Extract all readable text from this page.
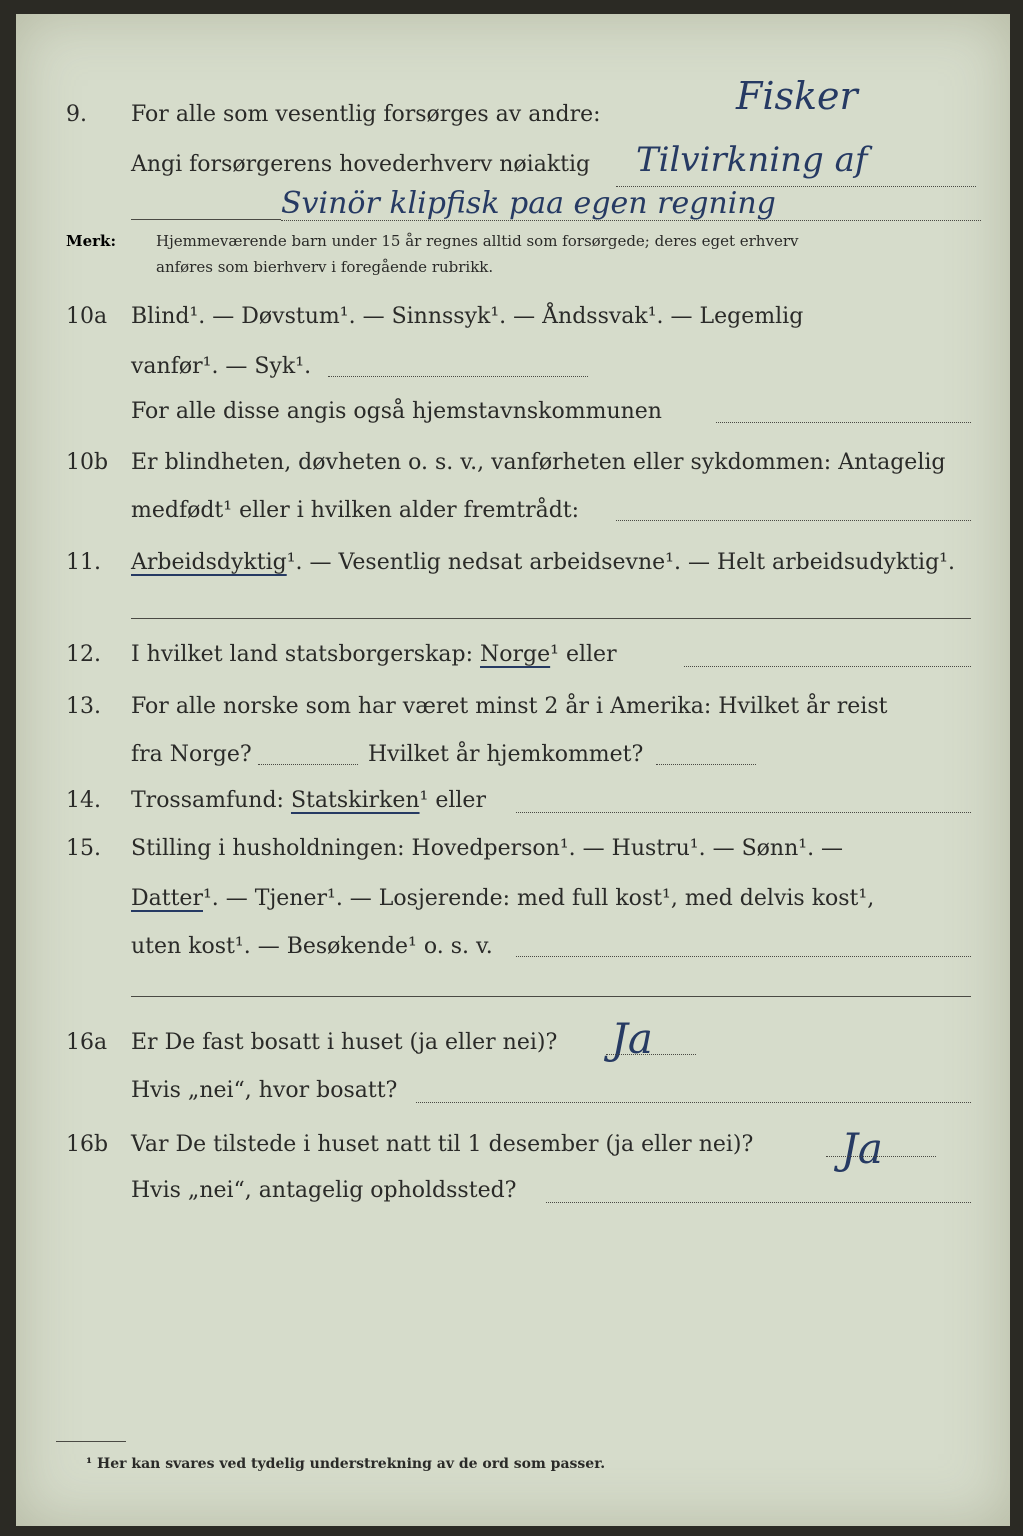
Fisker
9. For alle som vesentlig forsørges av andre:
Angi forsørgerens hovederhverv nøiaktig Tilvirkning af
Svinör klipfisk paa egen regning
Merk:	Hjemmeværende barn under 15 år regnes alltid som forsørgede; deres eget erhverv
anføres som bierhverv i foregående rubrikk.
10a Blind¹. — Døvstum¹. — Sinnssyk¹. — Åndssvak¹. — Legemlig
vanfør¹. — Syk¹.
For alle disse angis også hjemstavnskommunen
10b Er blindheten, døvheten o. s. v., vanførheten eller sykdommen: Antagelig
medfødt¹ eller i hvilken alder fremtrådt:
11. Arbeidsdyktig¹. — Vesentlig nedsat arbeidsevne¹. — Helt arbeidsudyktig¹.
12. I hvilket land statsborgerskap: Norge¹ eller
13. For alle norske som har været minst 2 år i Amerika: Hvilket år reist
fra Norge?	Hvilket år hjemkommet?
14. Trossamfund: Statskirken¹ eller
15. Stilling i husholdningen: Hovedperson¹. — Hustru¹. — Sønn¹. —
Datter¹. — Tjener¹. — Losjerende: med full kost¹, med delvis kost¹,
uten kost¹. — Besøkende¹ o. s. v.
16a Er De fast bosatt i huset (ja eller nei)? Ja
Hvis „nei“, hvor bosatt?
16b Var De tilstede i huset natt til 1 desember (ja eller nei)? Ja
Hvis „nei“, antagelig opholdssted?
¹ Her kan svares ved tydelig understrekning av de ord som passer.
